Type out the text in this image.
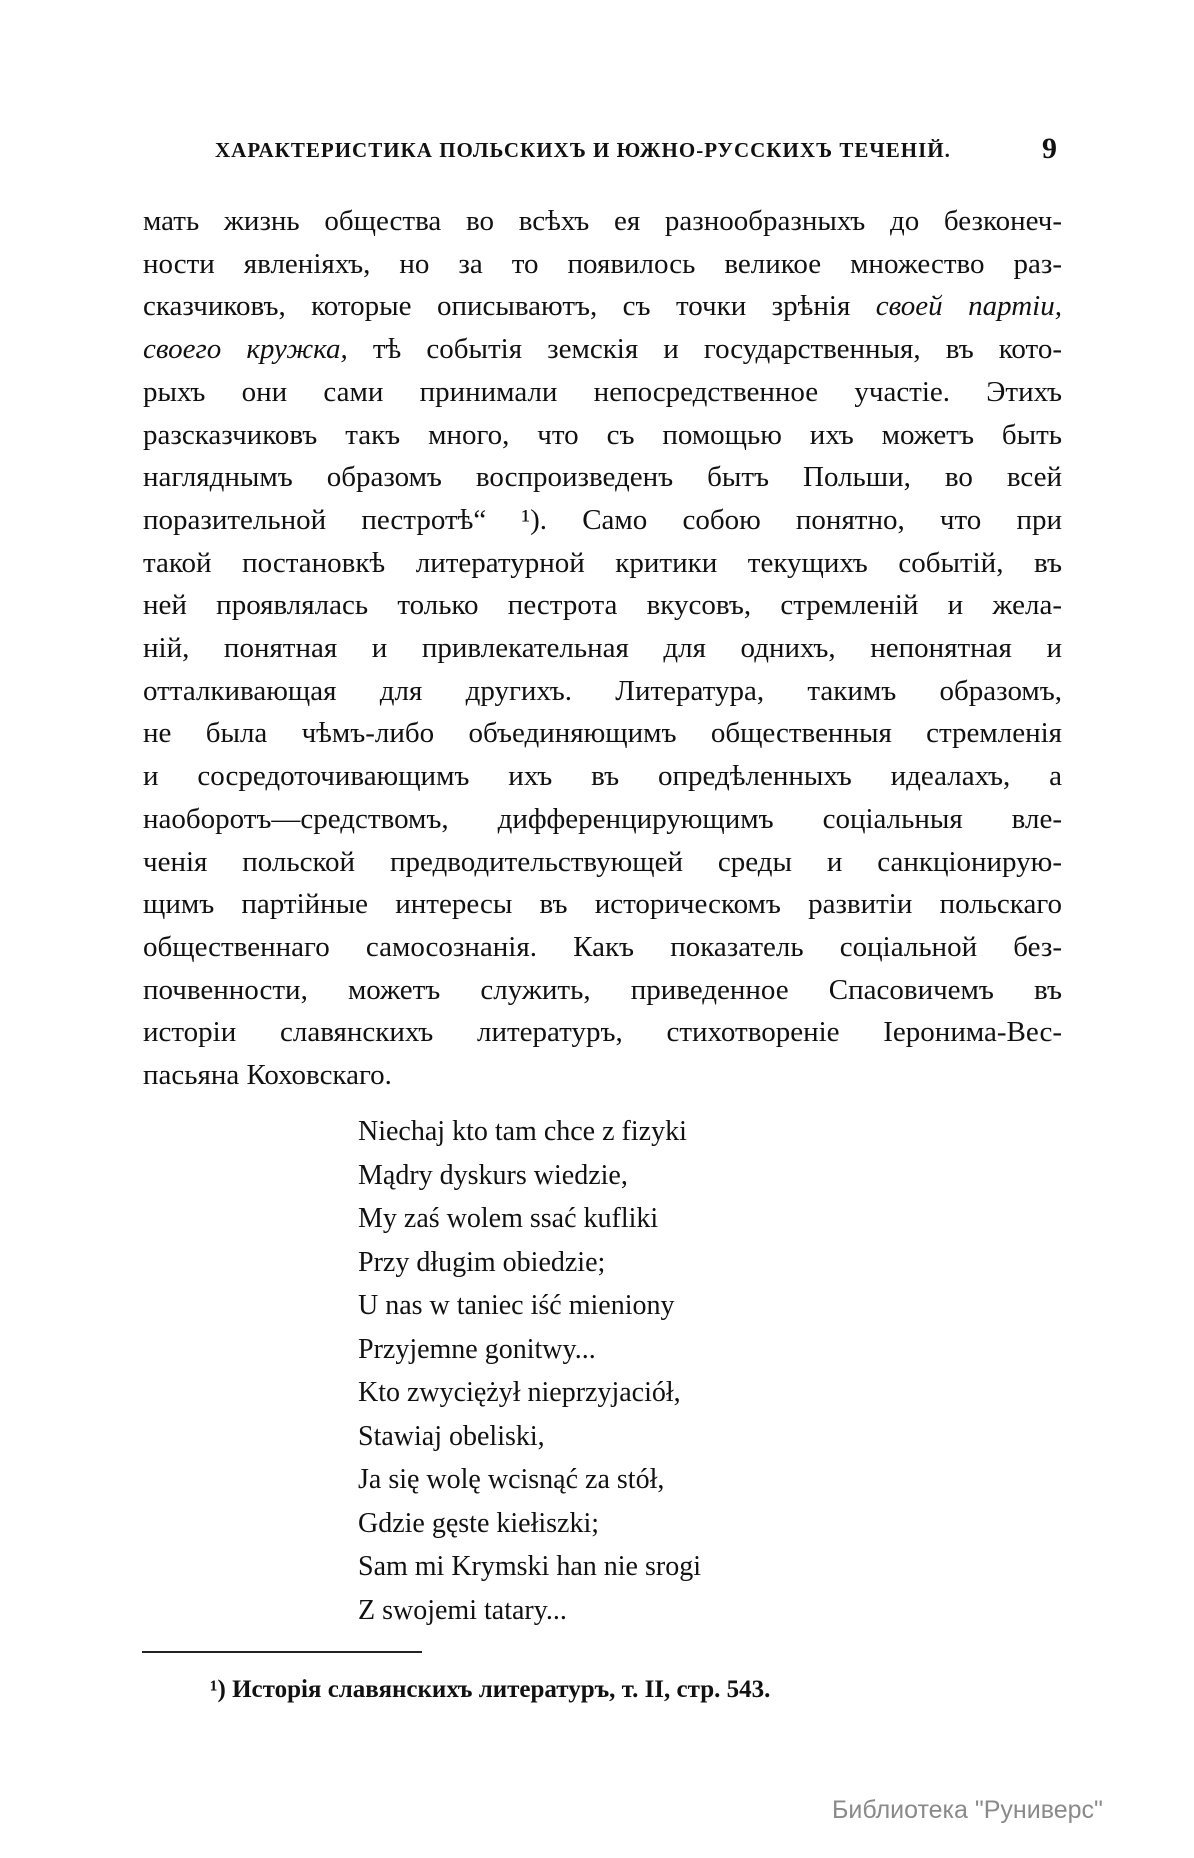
ХАРАКТЕРИСТИКА ПОЛЬСКИХЪ И ЮЖНО-РУССКИХЪ ТЕЧЕНІЙ.	9
мать жизнь общества во всѣхъ ея разнообразныхъ до безконеч-
ности явленіяхъ, но за то появилось великое множество раз-
сказчиковъ, которые описываютъ, съ точки зрѣнія своей партіи,
своего кружка, тѣ событія земскія и государственныя, въ кото-
рыхъ они сами принимали непосредственное участіе. Этихъ
разсказчиковъ такъ много, что съ помощью ихъ можетъ быть
нагляднымъ образомъ воспроизведенъ бытъ Польши, во всей
поразительной пестротѣ“ ¹). Само собою понятно, что при
такой постановкѣ литературной критики текущихъ событій, въ
ней проявлялась только пестрота вкусовъ, стремленій и жела-
ній, понятная и привлекательная для однихъ, непонятная и
отталкивающая для другихъ. Литература, такимъ образомъ,
не была чѣмъ-либо объединяющимъ общественныя стремленія
и сосредоточивающимъ ихъ въ опредѣленныхъ идеалахъ, а
наоборотъ—средствомъ, дифференцирующимъ соціальныя вле-
ченія польской предводительствующей среды и санкціонирую-
щимъ партійные интересы въ историческомъ развитіи польскаго
общественнаго самосознанія. Какъ показатель соціальной без-
почвенности, можетъ служить, приведенное Спасовичемъ въ
исторіи славянскихъ литературъ, стихотвореніе Іеронима-Вес-
пасьяна Коховскаго.
Niechaj kto tam chce z fizyki
Mądry dyskurs wiedzie,
My zaś wolem ssać kufliki
Przy długim obiedzie;
U nas w taniec iść mieniony
Przyjemne gonitwy...
Kto zwyciężył nieprzyjaciół,
Stawiaj obeliski,
Ja się wolę wcisnąć za stół,
Gdzie gęste kiełiszki;
Sam mi Krymski han nie srogi
Z swojemi tatary...
¹) Исторія славянскихъ литературъ, т. II, стр. 543.
Библиотека "Руниверс"
